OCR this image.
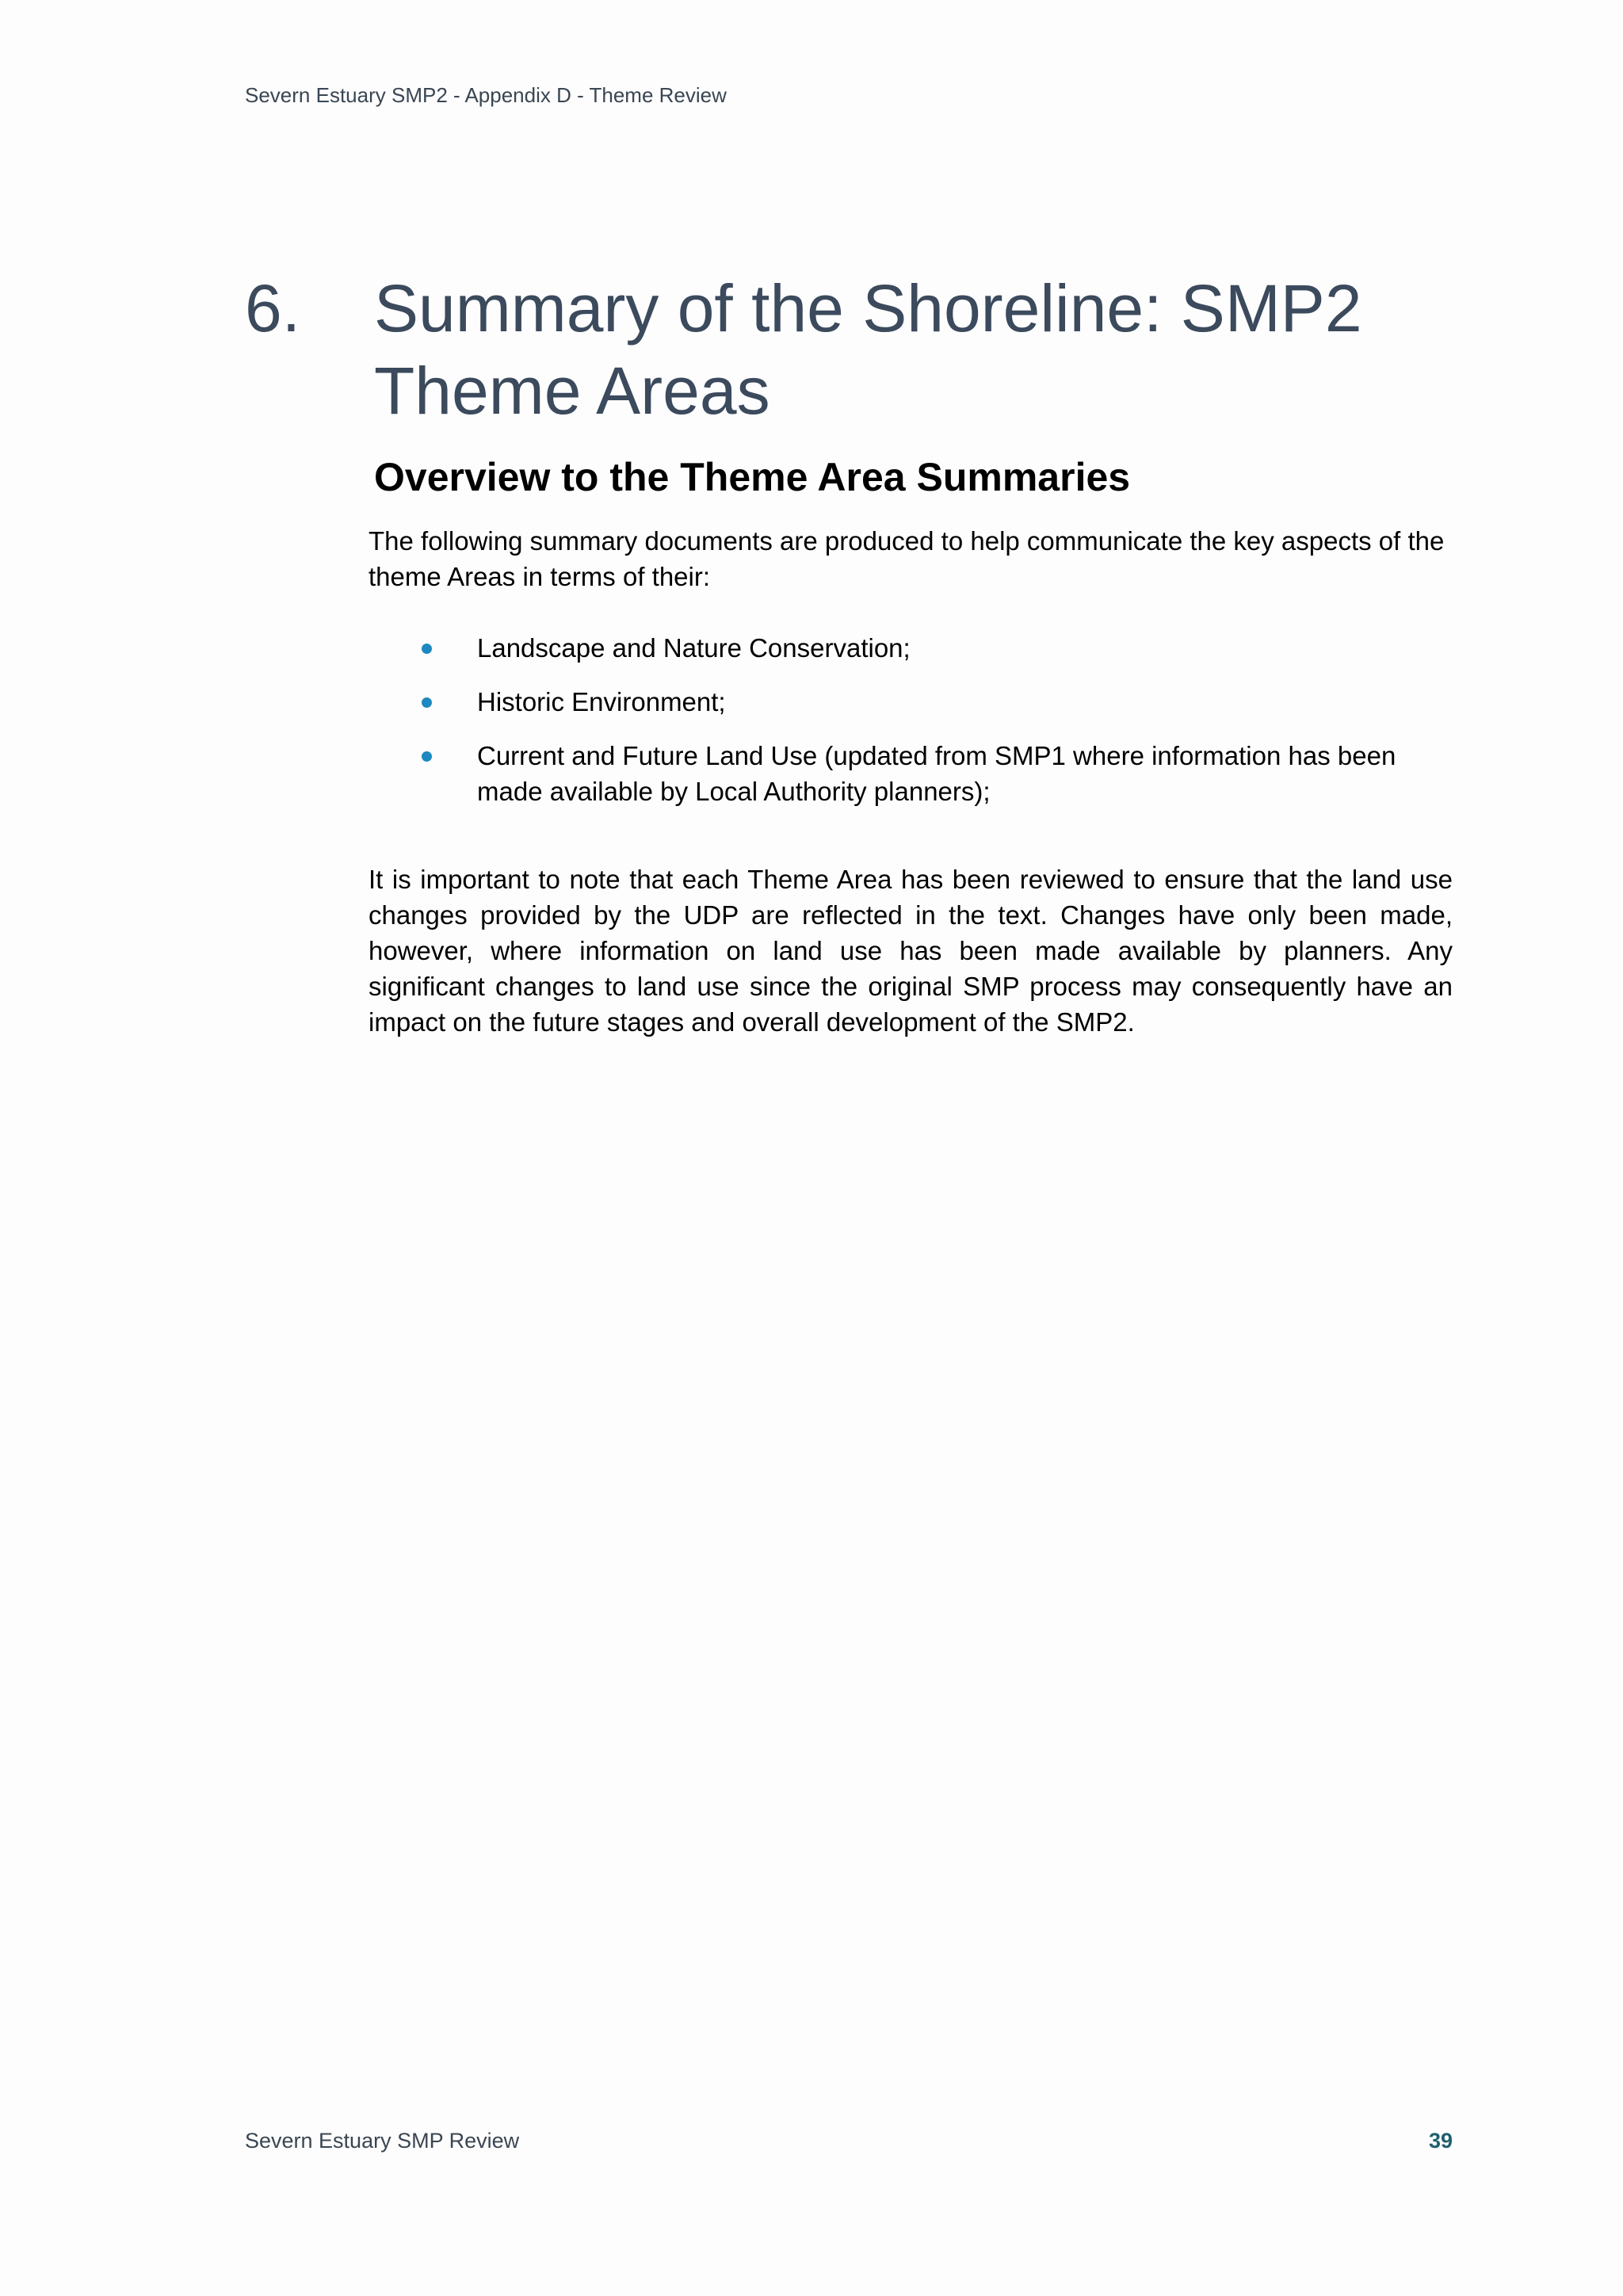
Severn Estuary SMP2 - Appendix D - Theme Review
6.	Summary of the Shoreline: SMP2 Theme Areas
Overview to the Theme Area Summaries

The following summary documents are produced to help communicate the key aspects of the theme Areas in terms of their:

Landscape and Nature Conservation;
Historic Environment;
Current and Future Land Use (updated from SMP1 where information has been made available by Local Authority planners);

It is important to note that each Theme Area has been reviewed to ensure that the land use changes provided by the UDP are reflected in the text. Changes have only been made, however, where information on land use has been made available by planners. Any significant changes to land use since the original SMP process may consequently have an impact on the future stages and overall development of the SMP2.

Severn Estuary SMP Review	39
